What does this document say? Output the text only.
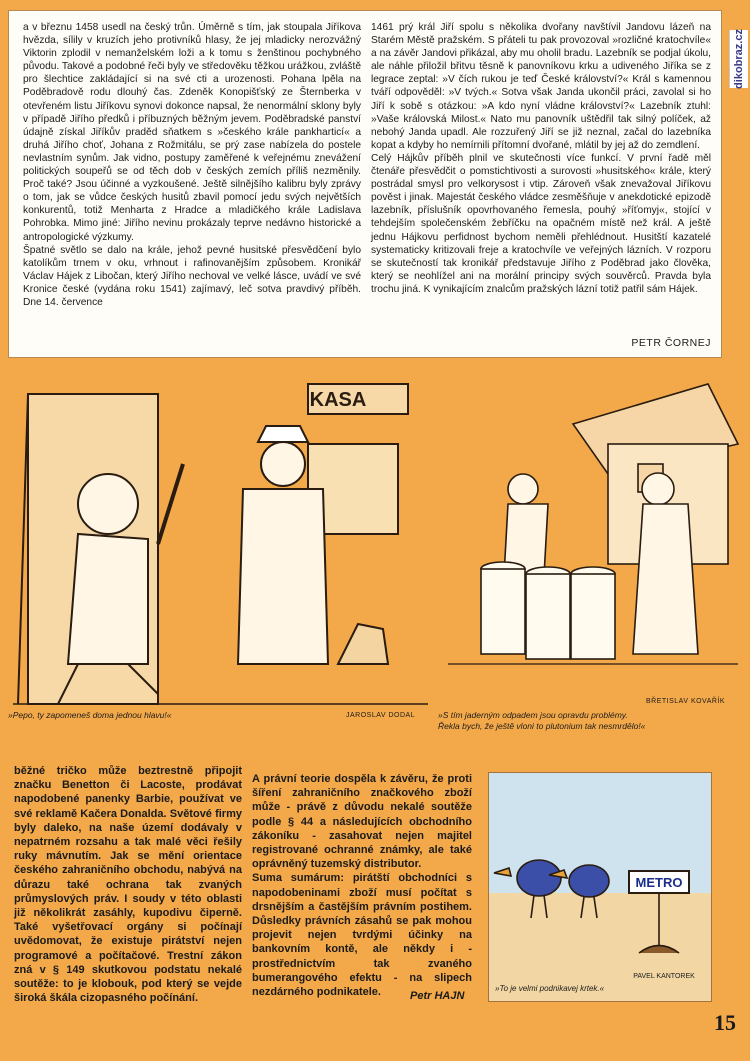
a v březnu 1458 usedl na český trůn. Úměrně s tím, jak stoupala Jiříkova hvězda, sílily v kruzích jeho protivníků hlasy, že jej mladicky nerozvážný Viktorin zplodil v nemanželském loži a k tomu s ženštinou pochybného původu. Takové a podobné řeči byly ve středověku těžkou urážkou, zvláště pro šlechtice zakládající si na své cti a urozenosti. Pohana lpěla na Poděbradově rodu dlouhý čas. Zdeněk Konopišťský ze Šternberka v otevřeném listu Jiříkovu synovi dokonce napsal, že nenormální sklony byly v případě Jiřího předků i příbuzných běžným jevem. Poděbradské panství údajně získal Jiříkův praděd sňatkem s »českého krále pankharticí« a druhá Jiřího choť, Johana z Rožmitálu, se prý zase nabízela do postele nevlastním synům. Jak vidno, postupy zaměřené k veřejnému znevážení politických soupeřů se od těch dob v českých zemích příliš nezměnily. Proč také? Jsou účinné a vyzkoušené. Ještě silnějšího kalibru byly zprávy o tom, jak se vůdce českých husitů zbavil pomocí jedu svých největších konkurentů, totiž Menharta z Hradce a mladičkého krále Ladislava Pohrobka. Mimo jiné: Jiřího nevinu prokázaly teprve nedávno historické a antropologické výzkumy.
Špatné světlo se dalo na krále, jehož pevné husitské přesvědčení bylo katolíkům trnem v oku, vrhnout i rafinovanějším způsobem. Kronikář Václav Hájek z Libočan, který Jiřího nechoval ve velké lásce, uvádí ve své Kronice české (vydána roku 1541) zajímavý, leč sotva pravdivý příběh. Dne 14. července
1461 prý král Jiří spolu s několika dvořany navštívil Jandovu lázeň na Starém Městě pražském. S přáteli tu pak provozoval »rozličné kratochvíle« a na závěr Jandovi přikázal, aby mu oholil bradu. Lazebník se podjal úkolu, ale náhle přiložil břitvu těsně k panovníkovu krku a udiveného Jiříka se z legrace zeptal: »V čích rukou je teď České království?« Král s kamennou tváří odpověděl: »V tvých.« Sotva však Janda ukončil práci, zavolal si ho Jiří k sobě s otázkou: »A kdo nyní vládne království?« Lazebník ztuhl: »Vaše královská Milost.« Nato mu panovník uštědřil tak silný políček, až nebohý Janda upadl. Ale rozzuřený Jiří se již neznal, začal do lazebníka kopat a kdyby ho nemírnili přítomní dvořané, mlátil by jej až do zemdlení.
Celý Hájkův příběh plnil ve skutečnosti více funkcí. V první řadě měl čtenáře přesvědčit o pomstichtivosti a surovosti »husitského« krále, který postrádal smysl pro velkorysost i vtip. Zároveň však znevažoval Jiříkovu pověst i jinak. Majestát českého vládce zesměšňuje v anekdotické epizodě lazebník, příslušník opovrhovaného řemesla, pouhý »říťomyj«, stojící v tehdejším společenském žebříčku na opačném místě než král. A ještě jednu Hájkovu perfidnost bychom neměli přehlédnout. Husitští kazatelé systematicky kritizovali freje a kratochvíle ve veřejných lázních. V rozporu se skutečností tak kronikář představuje Jiřího z Poděbrad jako člověka, který se neohlížel ani na morální principy svých souvěrců. Pravda byla trochu jiná. K vynikajícím znalcům pražských lázní totiž patřil sám Hájek.
PETR ČORNEJ
dikobraz.cz
KASA
»Pepo, ty zapomeneš doma jednou hlavu!«	JAROSLAV DODAL	»S tím jaderným odpadem jsou opravdu problémy.
Řekla bych, že ještě vloni to plutonium tak nesmrdělo!«
BŘETISLAV KOVAŘÍK
běžné tričko může beztrestně připojit značku Benetton či Lacoste, prodávat napodobené panenky Barbie, používat ve své reklamě Kačera Donalda. Světové firmy byly daleko, na naše území dodávaly v nepatrném rozsahu a tak malé věci řešily ruky mávnutím. Jak se mění orientace českého zahraničního obchodu, nabývá na důrazu také ochrana tak zvaných průmyslových práv. I soudy v této oblasti již několikrát zasáhly, kupodivu čiperně. Také vyšetřovací orgány si počínají uvědomovat, že existuje pirátství nejen programové a počítačové. Trestní zákon zná v § 149 skutkovou podstatu nekalé soutěže: to je klobouk, pod který se vejde široká škála cizopasného počínání.
A právní teorie dospěla k závěru, že proti šíření zahraničního značkového zboží může - právě z důvodu nekalé soutěže podle § 44 a následujících obchodního zákoníku - zasahovat nejen majitel registrované ochranné známky, ale také oprávněný tuzemský distributor.
Suma sumárum: pirátští obchodníci s napodobeninami zboží musí počítat s drsnějším a častějším právním postihem. Důsledky právních zásahů se pak mohou projevit nejen tvrdými účinky na bankovním kontě, ale někdy i - prostřednictvím tak zvaného bumerangového efektu - na slipech nezdárného podnikatele.	Petr HAJN
METRO
PAVEL KANTOREK
»To je velmi podnikavej krtek.«
15
